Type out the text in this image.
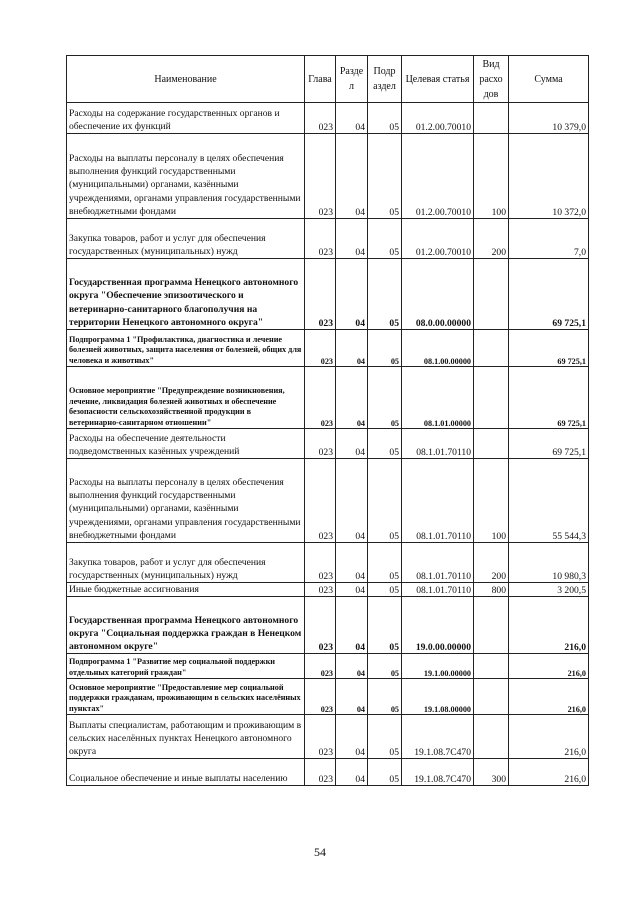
Наименование	Глава	Разде л	Подр аздел	Целевая статья	Вид расхо дов	Сумма
Расходы на содержание государственных органов и обеспечение их функций	023	04	05	01.2.00.70010		10 379,0
Расходы на выплаты персоналу в целях обеспечения выполнения функций государственными (муниципальными) органами, казёнными учреждениями, органами управления государственными внебюджетными фондами	023	04	05	01.2.00.70010	100	10 372,0
Закупка товаров, работ и услуг для обеспечения государственных (муниципальных) нужд	023	04	05	01.2.00.70010	200	7,0
Государственная программа Ненецкого автономного округа "Обеспечение эпизоотического и ветеринарно-санитарного благополучия на территории Ненецкого автономного округа"	023	04	05	08.0.00.00000		69 725,1
Подпрограмма 1 "Профилактика, диагностика и лечение болезней животных, защита населения от болезней, общих для человека и животных"	023	04	05	08.1.00.00000		69 725,1
Основное мероприятие "Предупреждение возникновения, лечение, ликвидация болезней животных и обеспечение безопасности сельскохозяйственной продукции в ветеринарно-санитарном отношении"	023	04	05	08.1.01.00000		69 725,1
Расходы на обеспечение деятельности подведомственных казённых учреждений	023	04	05	08.1.01.70110		69 725,1
Расходы на выплаты персоналу в целях обеспечения выполнения функций государственными (муниципальными) органами, казёнными учреждениями, органами управления государственными внебюджетными фондами	023	04	05	08.1.01.70110	100	55 544,3
Закупка товаров, работ и услуг для обеспечения государственных (муниципальных) нужд	023	04	05	08.1.01.70110	200	10 980,3
Иные бюджетные ассигнования	023	04	05	08.1.01.70110	800	3 200,5
Государственная программа Ненецкого автономного округа "Социальная поддержка граждан в Ненецком автономном округе"	023	04	05	19.0.00.00000		216,0
Подпрограмма 1 "Развитие мер социальной поддержки отдельных категорий граждан"	023	04	05	19.1.00.00000		216,0
Основное мероприятие "Предоставление мер социальной поддержки гражданам, проживающим в сельских населённых пунктах"	023	04	05	19.1.08.00000		216,0
Выплаты специалистам, работающим и проживающим в сельских населённых пунктах Ненецкого автономного округа	023	04	05	19.1.08.7C470		216,0
Социальное обеспечение и иные выплаты населению	023	04	05	19.1.08.7C470	300	216,0
54
